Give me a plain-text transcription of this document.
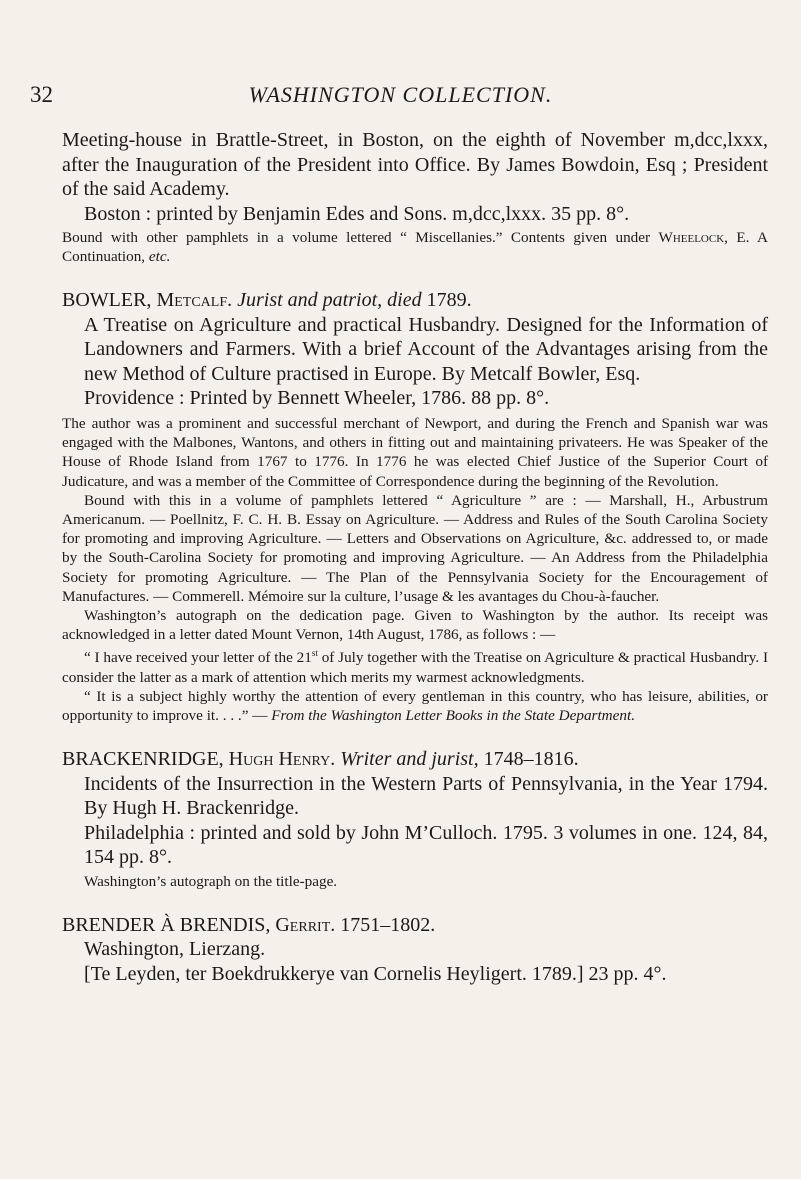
32	WASHINGTON COLLECTION.
Meeting-house in Brattle-Street, in Boston, on the eighth of November m,dcc,lxxx, after the Inauguration of the President into Office. By James Bowdoin, Esq ; President of the said Academy.
Boston : printed by Benjamin Edes and Sons. m,dcc,lxxx. 35 pp. 8°.
Bound with other pamphlets in a volume lettered “ Miscellanies.” Contents given under Wheelock, E. A Continuation, etc.
BOWLER, Metcalf. Jurist and patriot, died 1789.
A Treatise on Agriculture and practical Husbandry. Designed for the Information of Landowners and Farmers. With a brief Account of the Advantages arising from the new Method of Culture practised in Europe. By Metcalf Bowler, Esq.
Providence : Printed by Bennett Wheeler, 1786. 88 pp. 8°.
The author was a prominent and successful merchant of Newport, and during the French and Spanish war was engaged with the Malbones, Wantons, and others in fitting out and maintaining privateers. He was Speaker of the House of Rhode Island from 1767 to 1776. In 1776 he was elected Chief Justice of the Superior Court of Judicature, and was a member of the Committee of Correspondence during the beginning of the Revolution.
Bound with this in a volume of pamphlets lettered “ Agriculture ” are : — Marshall, H., Arbustrum Americanum. — Poellnitz, F. C. H. B. Essay on Agriculture. — Address and Rules of the South Carolina Society for promoting and improving Agriculture. — Letters and Observations on Agriculture, &c. addressed to, or made by the South-Carolina Society for promoting and improving Agriculture. — An Address from the Philadelphia Society for promoting Agriculture. — The Plan of the Pennsylvania Society for the Encouragement of Manufactures. — Commerell. Mémoire sur la culture, l’usage & les avantages du Chou-à-faucher.
Washington’s autograph on the dedication page. Given to Washington by the author. Its receipt was acknowledged in a letter dated Mount Vernon, 14th August, 1786, as follows : —
“ I have received your letter of the 21st of July together with the Treatise on Agriculture & practical Husbandry. I consider the latter as a mark of attention which merits my warmest acknowledgments.
“ It is a subject highly worthy the attention of every gentleman in this country, who has leisure, abilities, or opportunity to improve it. . . .” — From the Washington Letter Books in the State Department.
BRACKENRIDGE, Hugh Henry. Writer and jurist, 1748–1816.
Incidents of the Insurrection in the Western Parts of Pennsylvania, in the Year 1794. By Hugh H. Brackenridge.
Philadelphia : printed and sold by John M’Culloch. 1795. 3 volumes in one. 124, 84, 154 pp. 8°.
Washington’s autograph on the title-page.
BRENDER À BRENDIS, Gerrit. 1751–1802.
Washington, Lierzang.
[Te Leyden, ter Boekdrukkerye van Cornelis Heyligert. 1789.] 23 pp. 4°.
